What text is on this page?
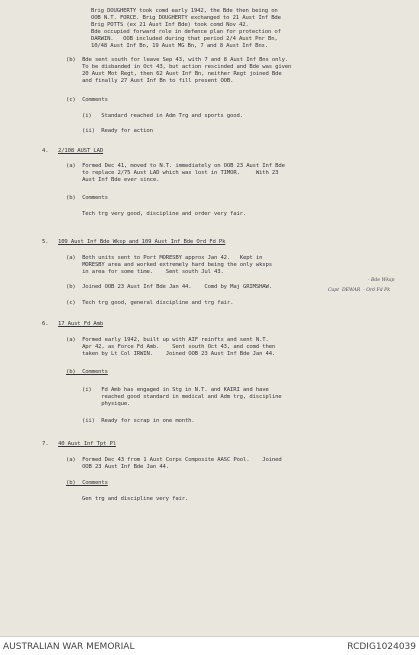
Brig DOUGHERTY took comd early 1942, the Bde then being on
OOB N.T. FORCE. Brig DOUGHERTY exchanged to 21 Aust Inf Bde
Brig POTTS (ex 21 Aust Inf Bde) took comd Nov 42.
Bde occupied forward role in defence plan for protection of
DARWIN.   OOB included during that period 2/4 Aust Pnr Bn,
10/48 Aust Inf Bn, 19 Aust MG Bn, 7 and 8 Aust Inf Bns.
(b)  Bde sent south for leave Sep 43, with 7 and 8 Aust Inf Bns only.
To be disbanded in Oct 43, but action rescinded and Bde was given
20 Aust Mot Regt, then 62 Aust Inf Bn, neither Regt joined Bde
and finally 27 Aust Inf Bn to fill present OOB.
(c)  Comments
(i)   Standard reached in Adm Trg and sports good.
(ii)  Ready for action
4. 2/108 AUST LAD
(a)  Formed Dec 41, moved to N.T. immediately on OOB 23 Aust Inf Bde
to replace 2/75 Aust LAD which was lost in TIMOR.     With 23
Aust Inf Bde ever since.
(b)  Comments
Tech trg very good, discipline and order very fair.
5. 109 Aust Inf Bde Wksp and 109 Aust Inf Bde Ord Fd Pk
(a)  Both units sent to Port MORESBY approx Jan 42.   Kept in
MORESBY area and worked extremely hard being the only wksps
in area for some time.    Sent south Jul 43.
(b)  Joined OOB 23 Aust Inf Bde Jan 44.    Comd by Maj GRIMSHAW.
- Bde Wksp
Capt  DEWAR  - Ord Fd Pk
(c)  Tech trg good, general discipline and trg fair.
6. 17 Aust Fd Amb
(a)  Formed early 1942, built up with AIF reinfts and sent N.T.
Apr 42, as Force Fd Amb.    Sent south Oct 43, and comd then
taken by Lt Col IRWIN.    Joined OOB 23 Aust Inf Bde Jan 44.
(b)  Comments
(i)   Fd Amb has engaged in Stg in N.T. and KAIRI and have
reached good standard in medical and Adm trg, discipline
physique.
(ii)  Ready for scrap in one month.
7. 40 Aust Inf Tpt Pl
(a)  Formed Dec 43 from 1 Aust Corps Composite AASC Pool.    Joined
OOB 23 Aust Inf Bde Jan 44.
(b)  Comments
Gen trg and discipline very fair.
AUSTRALIAN WAR MEMORIAL	RCDIG1024039
